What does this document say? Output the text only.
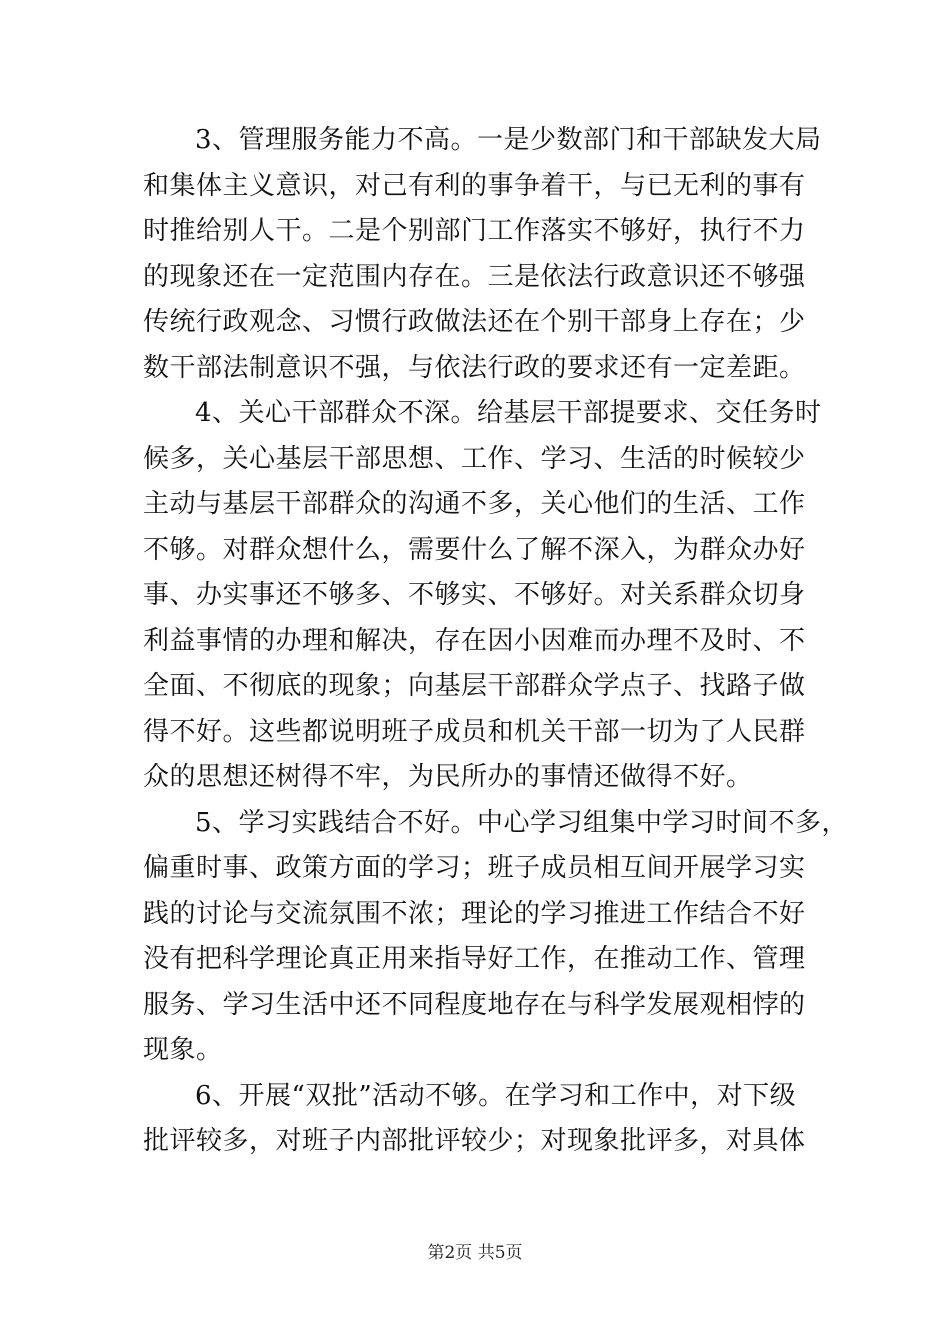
3、管理服务能力不高。一是少数部门和干部缺发大局
和集体主义意识，对己有利的事争着干，与已无利的事有
时推给别人干。二是个别部门工作落实不够好，执行不力
的现象还在一定范围内存在。三是依法行政意识还不够强
传统行政观念、习惯行政做法还在个别干部身上存在；少
数干部法制意识不强，与依法行政的要求还有一定差距。
4、关心干部群众不深。给基层干部提要求、交任务时
候多，关心基层干部思想、工作、学习、生活的时候较少
主动与基层干部群众的沟通不多，关心他们的生活、工作
不够。对群众想什么，需要什么了解不深入，为群众办好
事、办实事还不够多、不够实、不够好。对关系群众切身
利益事情的办理和解决，存在因小因难而办理不及时、不
全面、不彻底的现象；向基层干部群众学点子、找路子做
得不好。这些都说明班子成员和机关干部一切为了人民群
众的思想还树得不牢，为民所办的事情还做得不好。
5、学习实践结合不好。中心学习组集中学习时间不多，
偏重时事、政策方面的学习；班子成员相互间开展学习实
践的讨论与交流氛围不浓；理论的学习推进工作结合不好
没有把科学理论真正用来指导好工作，在推动工作、管理
服务、学习生活中还不同程度地存在与科学发展观相悖的
现象。
6、开展“双批”活动不够。在学习和工作中，对下级
批评较多，对班子内部批评较少；对现象批评多，对具体
第2页 共5页
